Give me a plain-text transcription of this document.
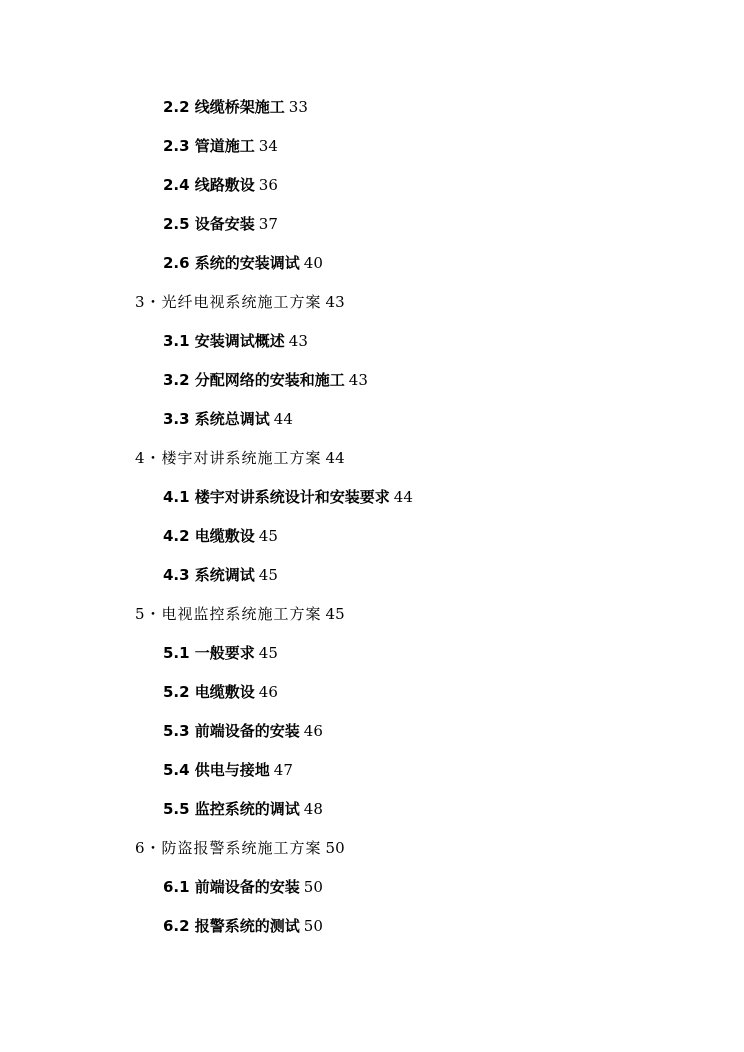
2.2 线缆桥架施工 33
2.3 管道施工 34
2.4 线路敷设 36
2.5 设备安装 37
2.6 系统的安装调试 40
3・光纤电视系统施工方案 43
3.1 安装调试概述 43
3.2 分配网络的安装和施工 43
3.3 系统总调试 44
4・楼宇对讲系统施工方案 44
4.1 楼宇对讲系统设计和安装要求 44
4.2 电缆敷设 45
4.3 系统调试 45
5・电视监控系统施工方案 45
5.1 一般要求 45
5.2 电缆敷设 46
5.3 前端设备的安装 46
5.4 供电与接地 47
5.5 监控系统的调试 48
6・防盗报警系统施工方案 50
6.1 前端设备的安装 50
6.2 报警系统的测试 50
